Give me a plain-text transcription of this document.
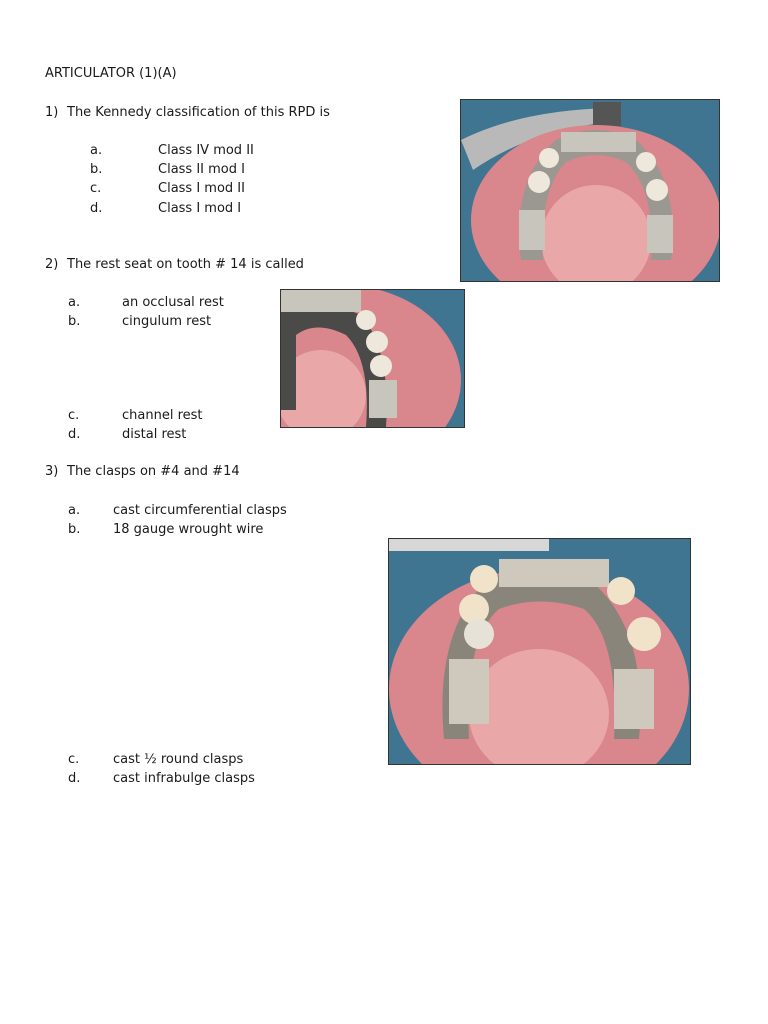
ARTICULATOR (1)(A)
1) The Kennedy classification of this RPD is
a.	Class IV mod II
b.	Class II mod I
c.	Class I mod II
d.	Class I mod I
2) The rest seat on tooth # 14 is called
a.	an occlusal rest
b.	cingulum rest
c.	channel rest
d.	distal rest
3) The clasps on #4 and #14
a.	cast circumferential clasps
b.	18 gauge wrought wire
c.	cast ½ round clasps
d.	cast infrabulge clasps
